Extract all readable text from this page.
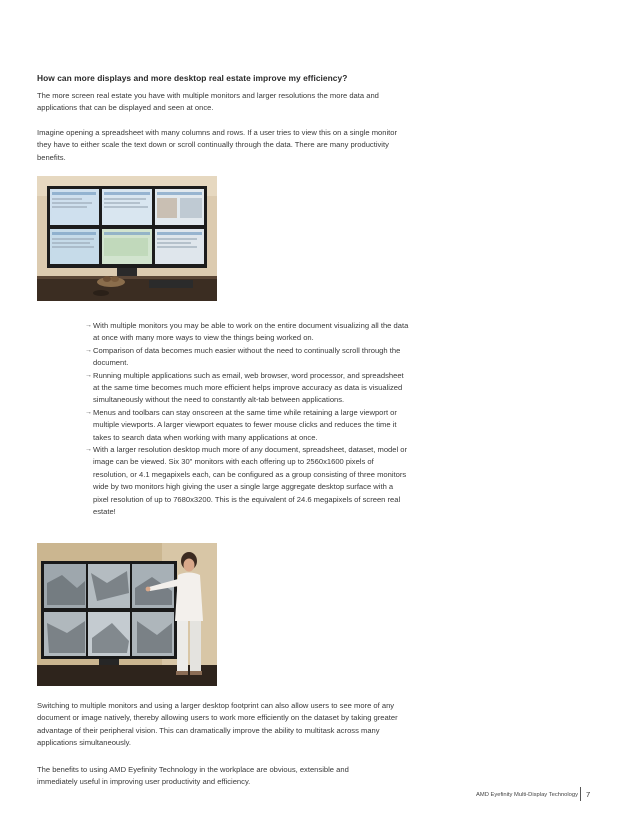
How can more displays and more desktop real estate improve my efficiency?

The more screen real estate you have with multiple monitors and larger resolutions the more data and applications that can be displayed and seen at once.

Imagine opening a spreadsheet with many columns and rows. If a user tries to view this on a single monitor they have to either scale the text down or scroll continually through the data. There are many productivity benefits.

→ With multiple monitors you may be able to work on the entire document visualizing all the data at once with many more ways to view the things being worked on.
→ Comparison of data becomes much easier without the need to continually scroll through the document.
→ Running multiple applications such as email, web browser, word processor, and spreadsheet at the same time becomes much more efficient helps improve accuracy as data is visualized simultaneously without the need to constantly alt-tab between applications.
→ Menus and toolbars can stay onscreen at the same time while retaining a large viewport or multiple viewports. A larger viewport equates to fewer mouse clicks and reduces the time it takes to search data when working with many applications at once.
→ With a larger resolution desktop much more of any document, spreadsheet, dataset, model or image can be viewed. Six 30" monitors with each offering up to 2560x1600 pixels of resolution, or 4.1 megapixels each, can be configured as a group consisting of three monitors wide by two monitors high giving the user a single large aggregate desktop surface with a pixel resolution of up to 7680x3200. This is the equivalent of 24.6 megapixels of screen real estate!

Switching to multiple monitors and using a larger desktop footprint can also allow users to see more of any document or image natively, thereby allowing users to work more efficiently on the dataset by taking greater advantage of their peripheral vision. This can dramatically improve the ability to multitask across many applications simultaneously.

The benefits to using AMD Eyefinity Technology in the workplace are obvious, extensible and immediately useful in improving user productivity and efficiency.

AMD Eyefinity Multi-Display Technology 7
